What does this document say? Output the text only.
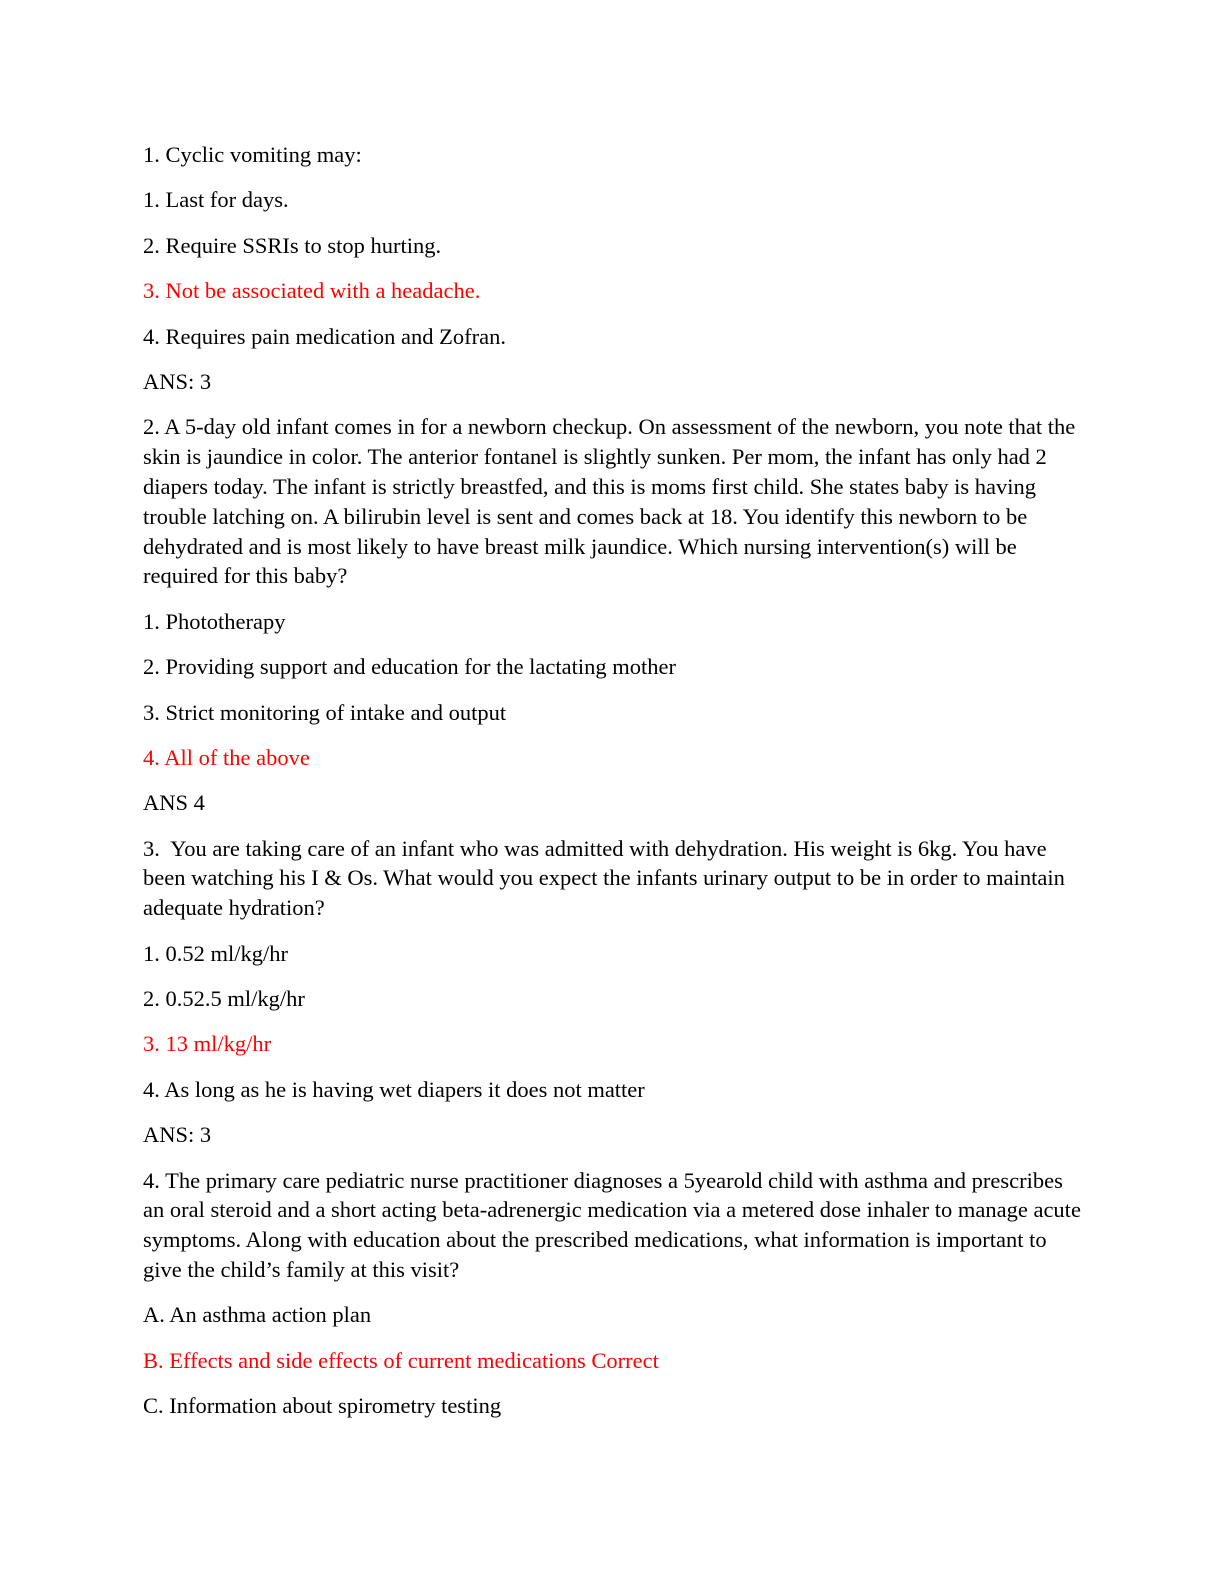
1. Cyclic vomiting may:

1. Last for days.

2. Require SSRIs to stop hurting.

3. Not be associated with a headache.

4. Requires pain medication and Zofran.

ANS: 3

2. A 5-day old infant comes in for a newborn checkup. On assessment of the newborn, you note that the skin is jaundice in color. The anterior fontanel is slightly sunken. Per mom, the infant has only had 2 diapers today. The infant is strictly breastfed, and this is moms first child. She states baby is having trouble latching on. A bilirubin level is sent and comes back at 18. You identify this newborn to be dehydrated and is most likely to have breast milk jaundice. Which nursing intervention(s) will be required for this baby?

1. Phototherapy

2. Providing support and education for the lactating mother

3. Strict monitoring of intake and output

4. All of the above

ANS 4

3.  You are taking care of an infant who was admitted with dehydration. His weight is 6kg. You have been watching his I & Os. What would you expect the infants urinary output to be in order to maintain adequate hydration?

1. 0.52 ml/kg/hr

2. 0.52.5 ml/kg/hr

3. 13 ml/kg/hr

4. As long as he is having wet diapers it does not matter

ANS: 3

4. The primary care pediatric nurse practitioner diagnoses a 5yearold child with asthma and prescribes an oral steroid and a short acting beta-adrenergic medication via a metered dose inhaler to manage acute symptoms. Along with education about the prescribed medications, what information is important to give the child’s family at this visit?

A. An asthma action plan

B. Effects and side effects of current medications Correct

C. Information about spirometry testing
